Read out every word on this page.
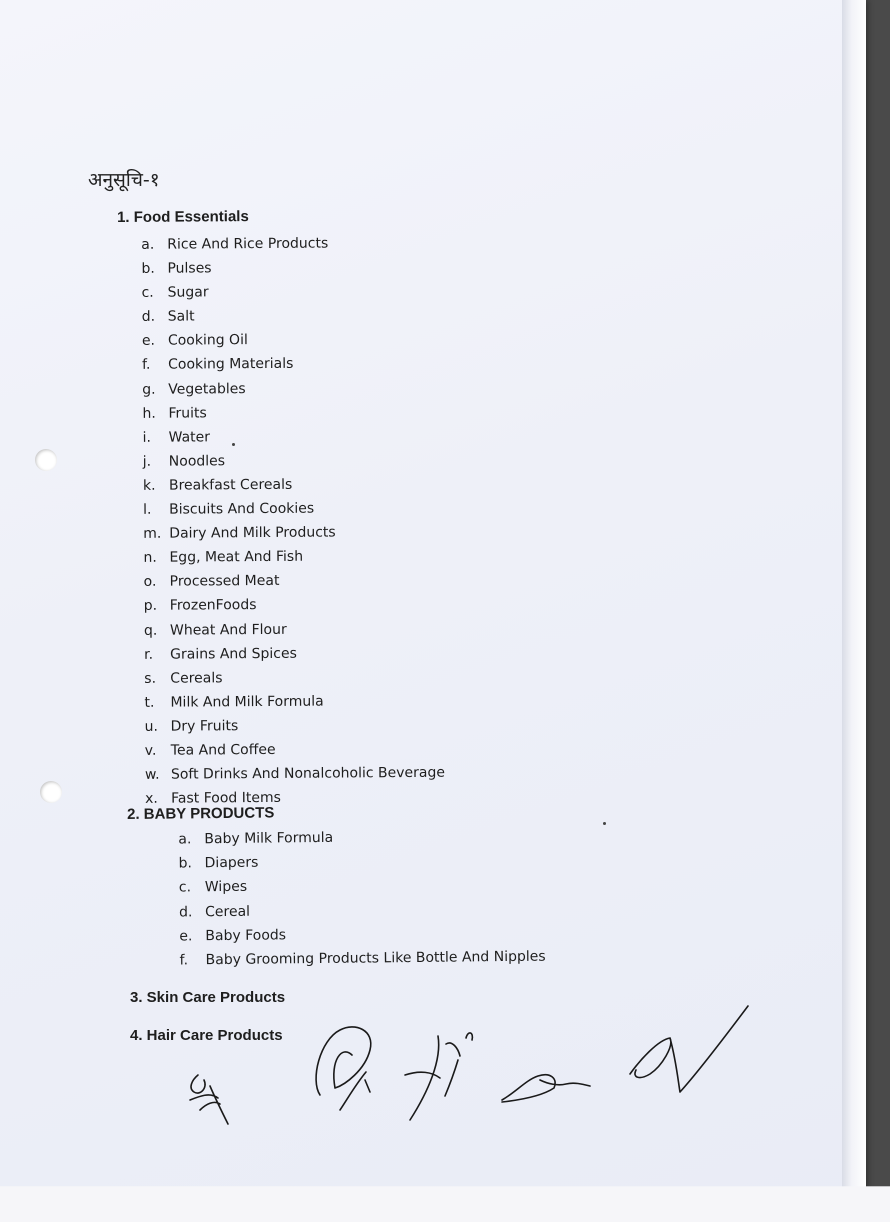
अनुसूचि-१
1. Food Essentials
a. Rice And Rice Products
b. Pulses
c. Sugar
d. Salt
e. Cooking Oil
f. Cooking Materials
g. Vegetables
h. Fruits
i. Water
j. Noodles
k. Breakfast Cereals
l. Biscuits And Cookies
m. Dairy And Milk Products
n. Egg, Meat And Fish
o. Processed Meat
p. FrozenFoods
q. Wheat And Flour
r. Grains And Spices
s. Cereals
t. Milk And Milk Formula
u. Dry Fruits
v. Tea And Coffee
w. Soft Drinks And Nonalcoholic Beverage
x. Fast Food Items
2. BABY PRODUCTS
a. Baby Milk Formula
b. Diapers
c. Wipes
d. Cereal
e. Baby Foods
f. Baby Grooming Products Like Bottle And Nipples
3. Skin Care Products
4. Hair Care Products
